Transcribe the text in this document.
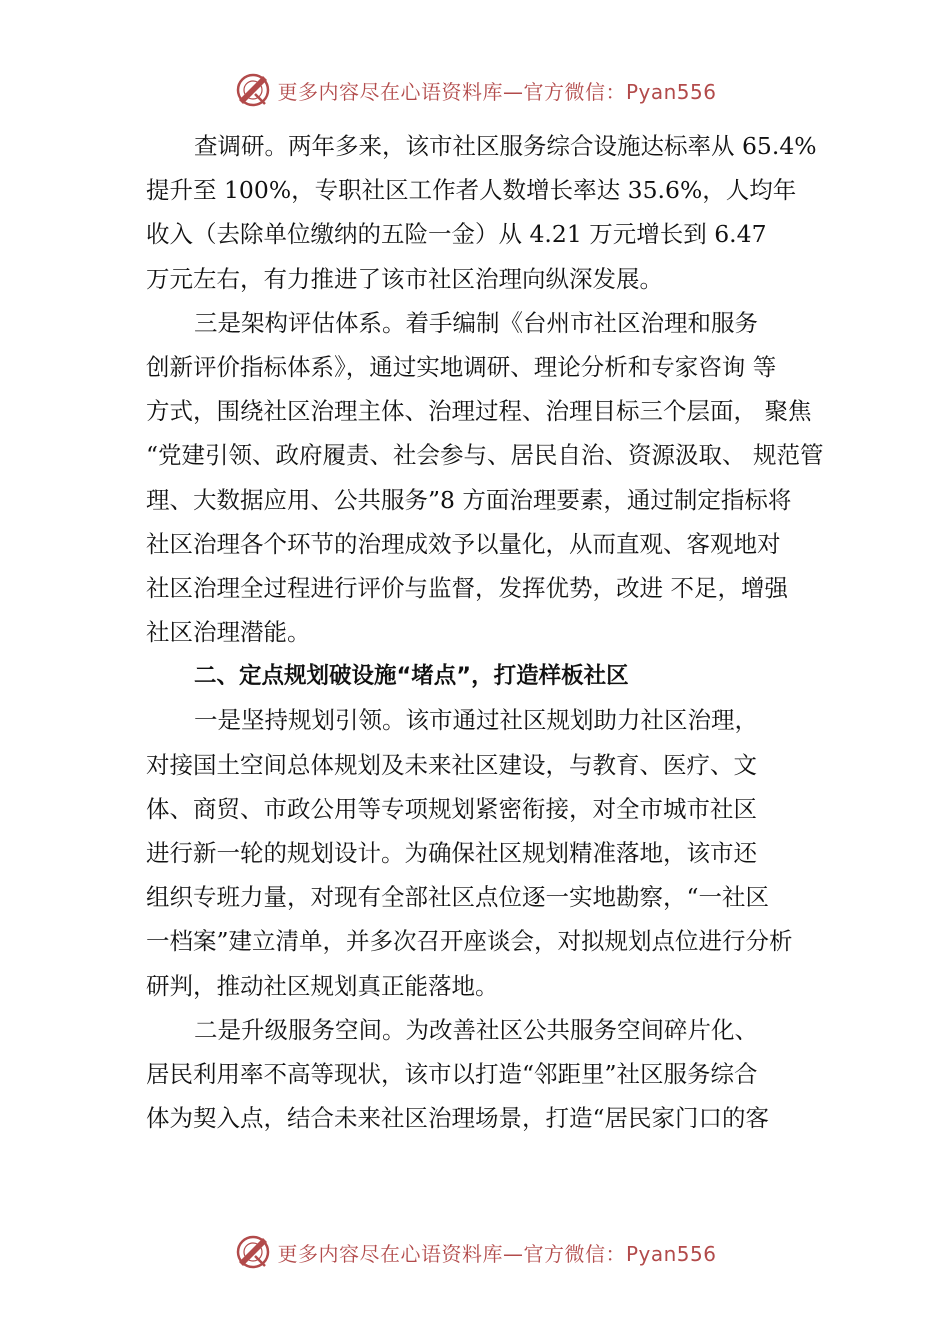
更多内容尽在心语资料库—官方微信：Pyan556
查调研。两年多来，该市社区服务综合设施达标率从 65.4%
提升至 100%，专职社区工作者人数增长率达 35.6%，人均年
收入（去除单位缴纳的五险一金）从 4.21 万元增长到 6.47
万元左右，有力推进了该市社区治理向纵深发展。
三是架构评估体系。着手编制《台州市社区治理和服务
创新评价指标体系》，通过实地调研、理论分析和专家咨询 等
方式，围绕社区治理主体、治理过程、治理目标三个层面， 聚焦
“党建引领、政府履责、社会参与、居民自治、资源汲取、 规范管
理、大数据应用、公共服务”8 方面治理要素，通过制定指标将
社区治理各个环节的治理成效予以量化，从而直观、客观地对
社区治理全过程进行评价与监督，发挥优势，改进 不足，增强
社区治理潜能。
二、定点规划破设施“堵点”，打造样板社区
一是坚持规划引领。该市通过社区规划助力社区治理，
对接国土空间总体规划及未来社区建设，与教育、医疗、文
体、商贸、市政公用等专项规划紧密衔接，对全市城市社区
进行新一轮的规划设计。为确保社区规划精准落地，该市还
组织专班力量，对现有全部社区点位逐一实地勘察，“一社区
一档案”建立清单，并多次召开座谈会，对拟规划点位进行分析
研判，推动社区规划真正能落地。
二是升级服务空间。为改善社区公共服务空间碎片化、
居民利用率不高等现状，该市以打造“邻距里”社区服务综合
体为契入点，结合未来社区治理场景，打造“居民家门口的客
更多内容尽在心语资料库—官方微信：Pyan556
